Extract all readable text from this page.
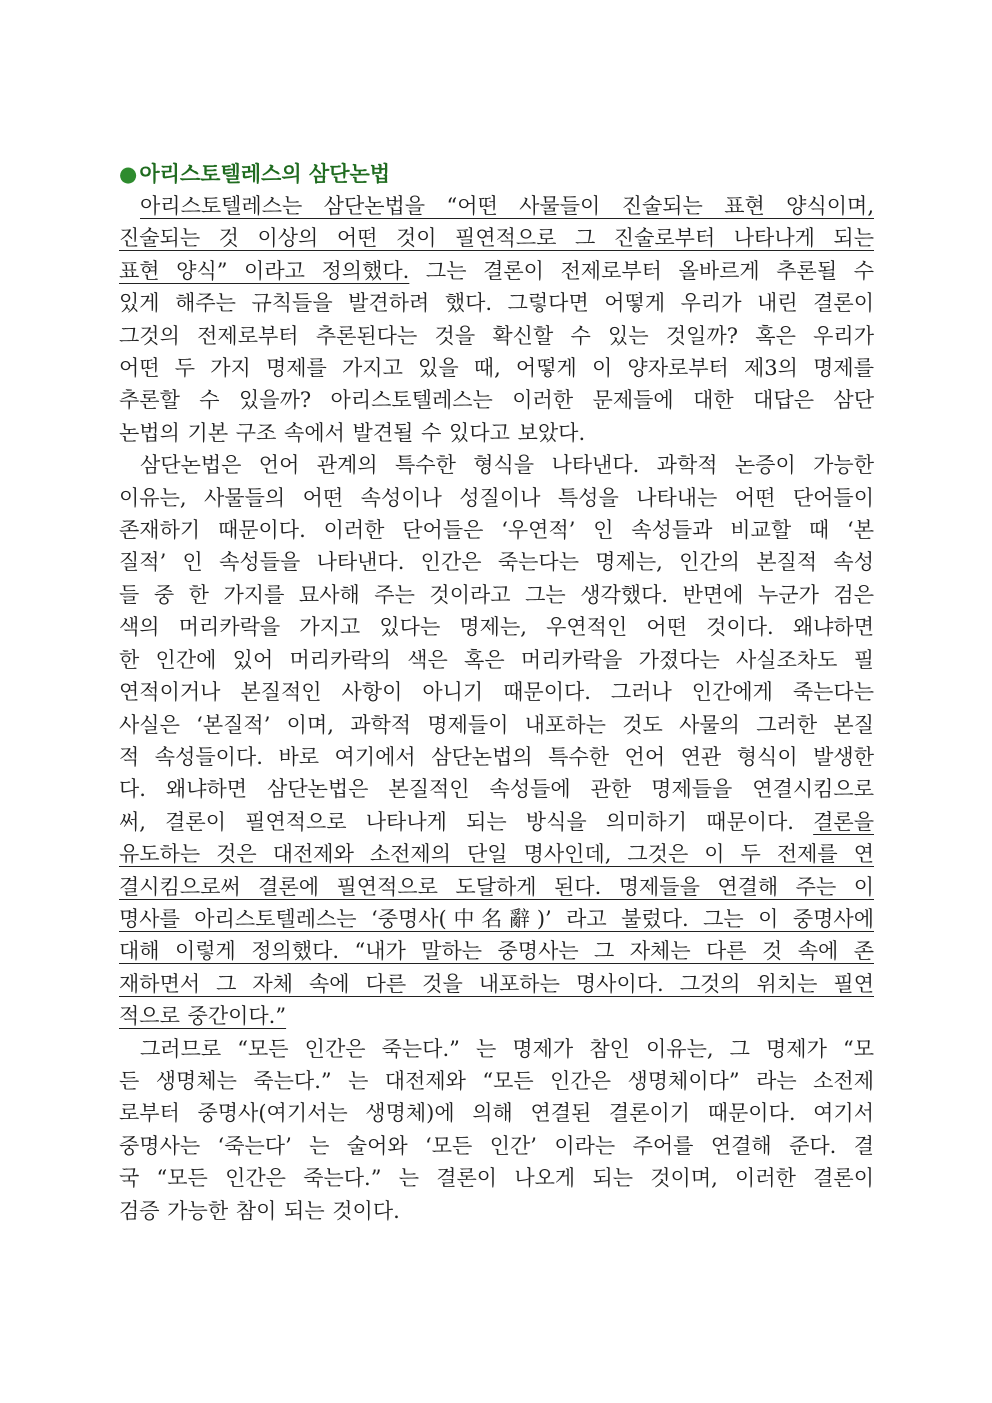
●아리스토텔레스의 삼단논법
아리스토텔레스는 삼단논법을 “어떤 사물들이 진술되는 표현 양식이며,
진술되는 것 이상의 어떤 것이 필연적으로 그 진술로부터 나타나게 되는
표현 양식” 이라고 정의했다. 그는 결론이 전제로부터 올바르게 추론될 수
있게 해주는 규칙들을 발견하려 했다. 그렇다면 어떻게 우리가 내린 결론이
그것의 전제로부터 추론된다는 것을 확신할 수 있는 것일까? 혹은 우리가
어떤 두 가지 명제를 가지고 있을 때, 어떻게 이 양자로부터 제3의 명제를
추론할 수 있을까? 아리스토텔레스는 이러한 문제들에 대한 대답은 삼단
논법의 기본 구조 속에서 발견될 수 있다고 보았다.
삼단논법은 언어 관계의 특수한 형식을 나타낸다. 과학적 논증이 가능한
이유는, 사물들의 어떤 속성이나 성질이나 특성을 나타내는 어떤 단어들이
존재하기 때문이다. 이러한 단어들은 ‘우연적’ 인 속성들과 비교할 때 ‘본
질적’ 인 속성들을 나타낸다. 인간은 죽는다는 명제는, 인간의 본질적 속성
들 중 한 가지를 묘사해 주는 것이라고 그는 생각했다. 반면에 누군가 검은
색의 머리카락을 가지고 있다는 명제는, 우연적인 어떤 것이다. 왜냐하면
한 인간에 있어 머리카락의 색은 혹은 머리카락을 가졌다는 사실조차도 필
연적이거나 본질적인 사항이 아니기 때문이다. 그러나 인간에게 죽는다는
사실은 ‘본질적’ 이며, 과학적 명제들이 내포하는 것도 사물의 그러한 본질
적 속성들이다. 바로 여기에서 삼단논법의 특수한 언어 연관 형식이 발생한
다. 왜냐하면 삼단논법은 본질적인 속성들에 관한 명제들을 연결시킴으로
써, 결론이 필연적으로 나타나게 되는 방식을 의미하기 때문이다. 결론을
유도하는 것은 대전제와 소전제의 단일 명사인데, 그것은 이 두 전제를 연
결시킴으로써 결론에 필연적으로 도달하게 된다. 명제들을 연결해 주는 이
명사를 아리스토텔레스는 ‘중명사(中名辭)’ 라고 불렀다. 그는 이 중명사에
대해 이렇게 정의했다. “내가 말하는 중명사는 그 자체는 다른 것 속에 존
재하면서 그 자체 속에 다른 것을 내포하는 명사이다. 그것의 위치는 필연
적으로 중간이다.”
그러므로 “모든 인간은 죽는다.” 는 명제가 참인 이유는, 그 명제가 “모
든 생명체는 죽는다.” 는 대전제와 “모든 인간은 생명체이다” 라는 소전제
로부터 중명사(여기서는 생명체)에 의해 연결된 결론이기 때문이다. 여기서
중명사는 ‘죽는다’ 는 술어와 ‘모든 인간’ 이라는 주어를 연결해 준다. 결
국 “모든 인간은 죽는다.” 는 결론이 나오게 되는 것이며, 이러한 결론이
검증 가능한 참이 되는 것이다.
